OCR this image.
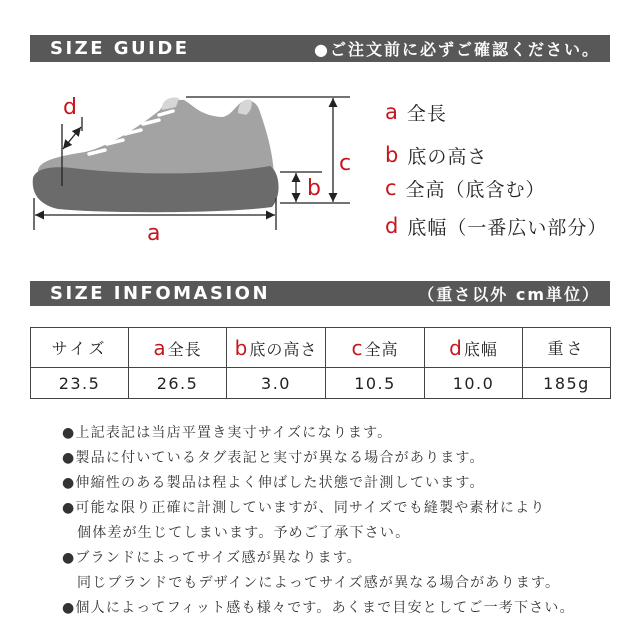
SIZE GUIDE	●ご注文前に必ずご確認ください。
a
c
b
d	a 全長
b 底の高さ
c 全高（底含む）
d 底幅（一番広い部分）
SIZE INFOMASION	（重さ以外 cm単位）
サイズ	a全長	b底の高さ	c全高	d底幅	重さ
23.5	26.5	3.0	10.5	10.0	185g
●上記表記は当店平置き実寸サイズになります。
●製品に付いているタグ表記と実寸が異なる場合があります。
●伸縮性のある製品は程よく伸ばした状態で計測しています。
●可能な限り正確に計測していますが、同サイズでも縫製や素材により
個体差が生じてしまいます。予めご了承下さい。
●ブランドによってサイズ感が異なります。
同じブランドでもデザインによってサイズ感が異なる場合があります。
●個人によってフィット感も様々です。あくまで目安としてご一考下さい。
